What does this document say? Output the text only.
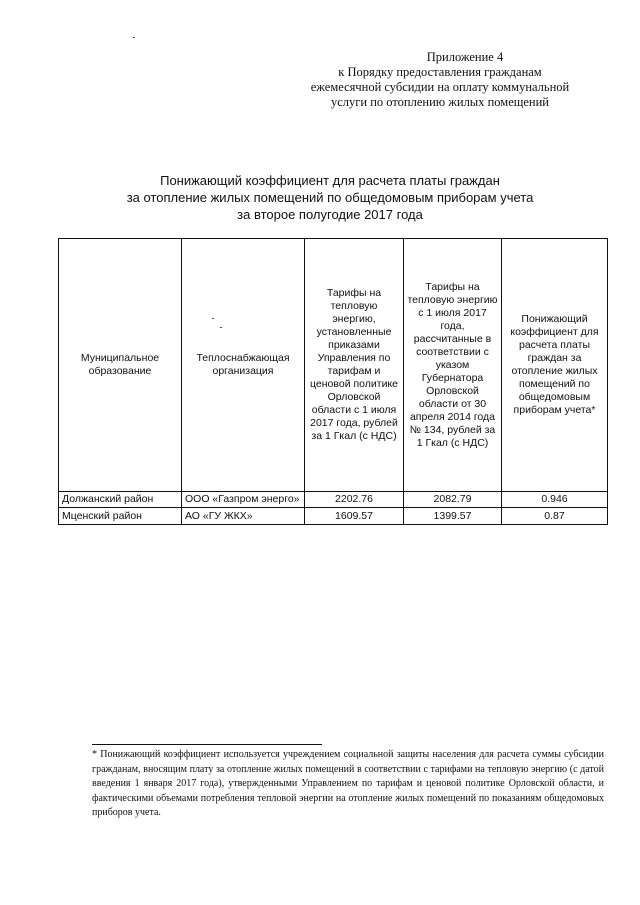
Приложение 4
к Порядку предоставления гражданам
ежемесячной субсидии на оплату коммунальной
услуги по отоплению жилых помещений
Понижающий коэффициент для расчета платы граждан
за отопление жилых помещений по общедомовым приборам учета
за второе полугодие 2017 года
Муниципальное образование	Теплоснабжающая организация	Тарифы на тепловую энергию, установленные приказами Управления по тарифам и ценовой политике Орловской области с 1 июля 2017 года, рублей за 1 Гкал (с НДС)	Тарифы на тепловую энергию с 1 июля 2017 года, рассчитанные в соответствии с указом Губернатора Орловской области от 30 апреля 2014 года № 134, рублей за 1 Гкал (с НДС)	Понижающий коэффициент для расчета платы граждан за отопление жилых помещений по общедомовым приборам учета*
Должанский район	ООО «Газпром энерго»	2202.76	2082.79	0.946
Мценский район	АО «ГУ ЖКХ»	1609.57	1399.57	0.87
* Понижающий коэффициент используется учреждением социальной защиты населения для расчета суммы субсидии гражданам, вносящим плату за отопление жилых помещений в соответствии с тарифами на тепловую энергию (с датой введения 1 января 2017 года), утвержденными Управлением по тарифам и ценовой политике Орловской области, и фактическими объемами потребления тепловой энергии на отопление жилых помещений по показаниям общедомовых приборов учета.
